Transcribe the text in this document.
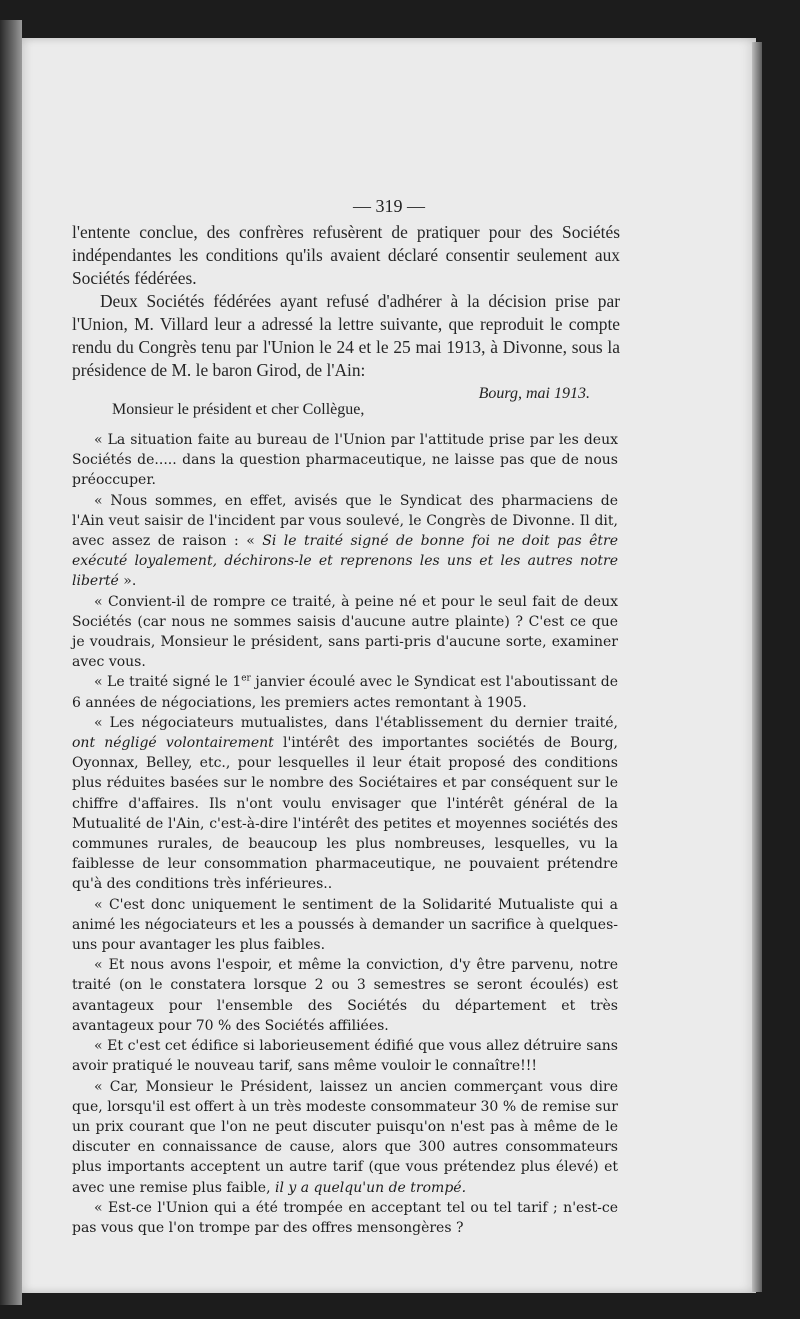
— 319 —

l'entente conclue, des confrères refusèrent de pratiquer pour des Sociétés indépendantes les conditions qu'ils avaient déclaré consentir seulement aux Sociétés fédérées.

Deux Sociétés fédérées ayant refusé d'adhérer à la décision prise par l'Union, M. Villard leur a adressé la lettre suivante, que reproduit le compte rendu du Congrès tenu par l'Union le 24 et le 25 mai 1913, à Divonne, sous la présidence de M. le baron Girod, de l'Ain:

Bourg, mai 1913.
Monsieur le président et cher Collègue,

« La situation faite au bureau de l'Union par l'attitude prise par les deux Sociétés de..... dans la question pharmaceutique, ne laisse pas que de nous préoccuper.

« Nous sommes, en effet, avisés que le Syndicat des pharmaciens de l'Ain veut saisir de l'incident par vous soulevé, le Congrès de Divonne. Il dit, avec assez de raison : « Si le traité signé de bonne foi ne doit pas être exécuté loyalement, déchirons-le et reprenons les uns et les autres notre liberté ».

« Convient-il de rompre ce traité, à peine né et pour le seul fait de deux Sociétés (car nous ne sommes saisis d'aucune autre plainte) ? C'est ce que je voudrais, Monsieur le président, sans parti-pris d'aucune sorte, examiner avec vous.

« Le traité signé le 1er janvier écoulé avec le Syndicat est l'aboutissant de 6 années de négociations, les premiers actes remontant à 1905.

« Les négociateurs mutualistes, dans l'établissement du dernier traité, ont négligé volontairement l'intérêt des importantes sociétés de Bourg, Oyonnax, Belley, etc., pour lesquelles il leur était proposé des conditions plus réduites basées sur le nombre des Sociétaires et par conséquent sur le chiffre d'affaires. Ils n'ont voulu envisager que l'intérêt général de la Mutualité de l'Ain, c'est-à-dire l'intérêt des petites et moyennes sociétés des communes rurales, de beaucoup les plus nombreuses, lesquelles, vu la faiblesse de leur consommation pharmaceutique, ne pouvaient prétendre qu'à des conditions très inférieures..

« C'est donc uniquement le sentiment de la Solidarité Mutualiste qui a animé les négociateurs et les a poussés à demander un sacrifice à quelques-uns pour avantager les plus faibles.

« Et nous avons l'espoir, et même la conviction, d'y être parvenu, notre traité (on le constatera lorsque 2 ou 3 semestres se seront écoulés) est avantageux pour l'ensemble des Sociétés du département et très avantageux pour 70 % des Sociétés affiliées.

« Et c'est cet édifice si laborieusement édifié que vous allez détruire sans avoir pratiqué le nouveau tarif, sans même vouloir le connaître!!!

« Car, Monsieur le Président, laissez un ancien commerçant vous dire que, lorsqu'il est offert à un très modeste consommateur 30 % de remise sur un prix courant que l'on ne peut discuter puisqu'on n'est pas à même de le discuter en connaissance de cause, alors que 300 autres consommateurs plus importants acceptent un autre tarif (que vous prétendez plus élevé) et avec une remise plus faible, il y a quelqu'un de trompé.

« Est-ce l'Union qui a été trompée en acceptant tel ou tel tarif ; n'est-ce pas vous que l'on trompe par des offres mensongères ?
